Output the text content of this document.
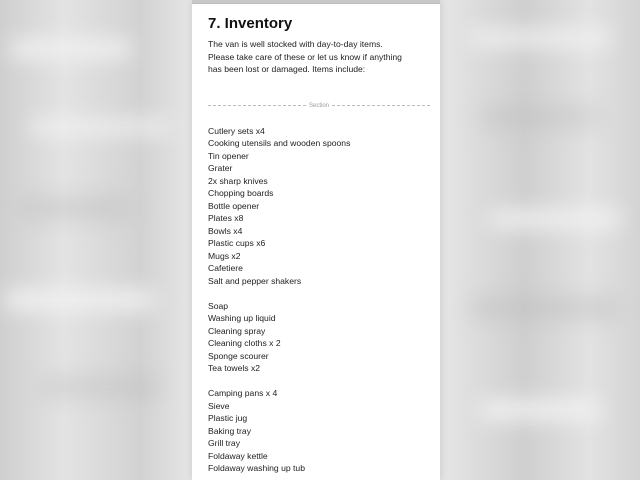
7. Inventory
The van is well stocked with day-to-day items.
Please take care of these or let us know if anything
has been lost or damaged. Items include:
Section
Cutlery sets x4
Cooking utensils and wooden spoons
Tin opener
Grater
2x sharp knives
Chopping boards
Bottle opener
Plates x8
Bowls x4
Plastic cups x6
Mugs x2
Cafetiere
Salt and pepper shakers
Soap
Washing up liquid
Cleaning spray
Cleaning cloths x 2
Sponge scourer
Tea towels x2
Camping pans x 4
Sieve
Plastic jug
Baking tray
Grill tray
Foldaway kettle
Foldaway washing up tub
